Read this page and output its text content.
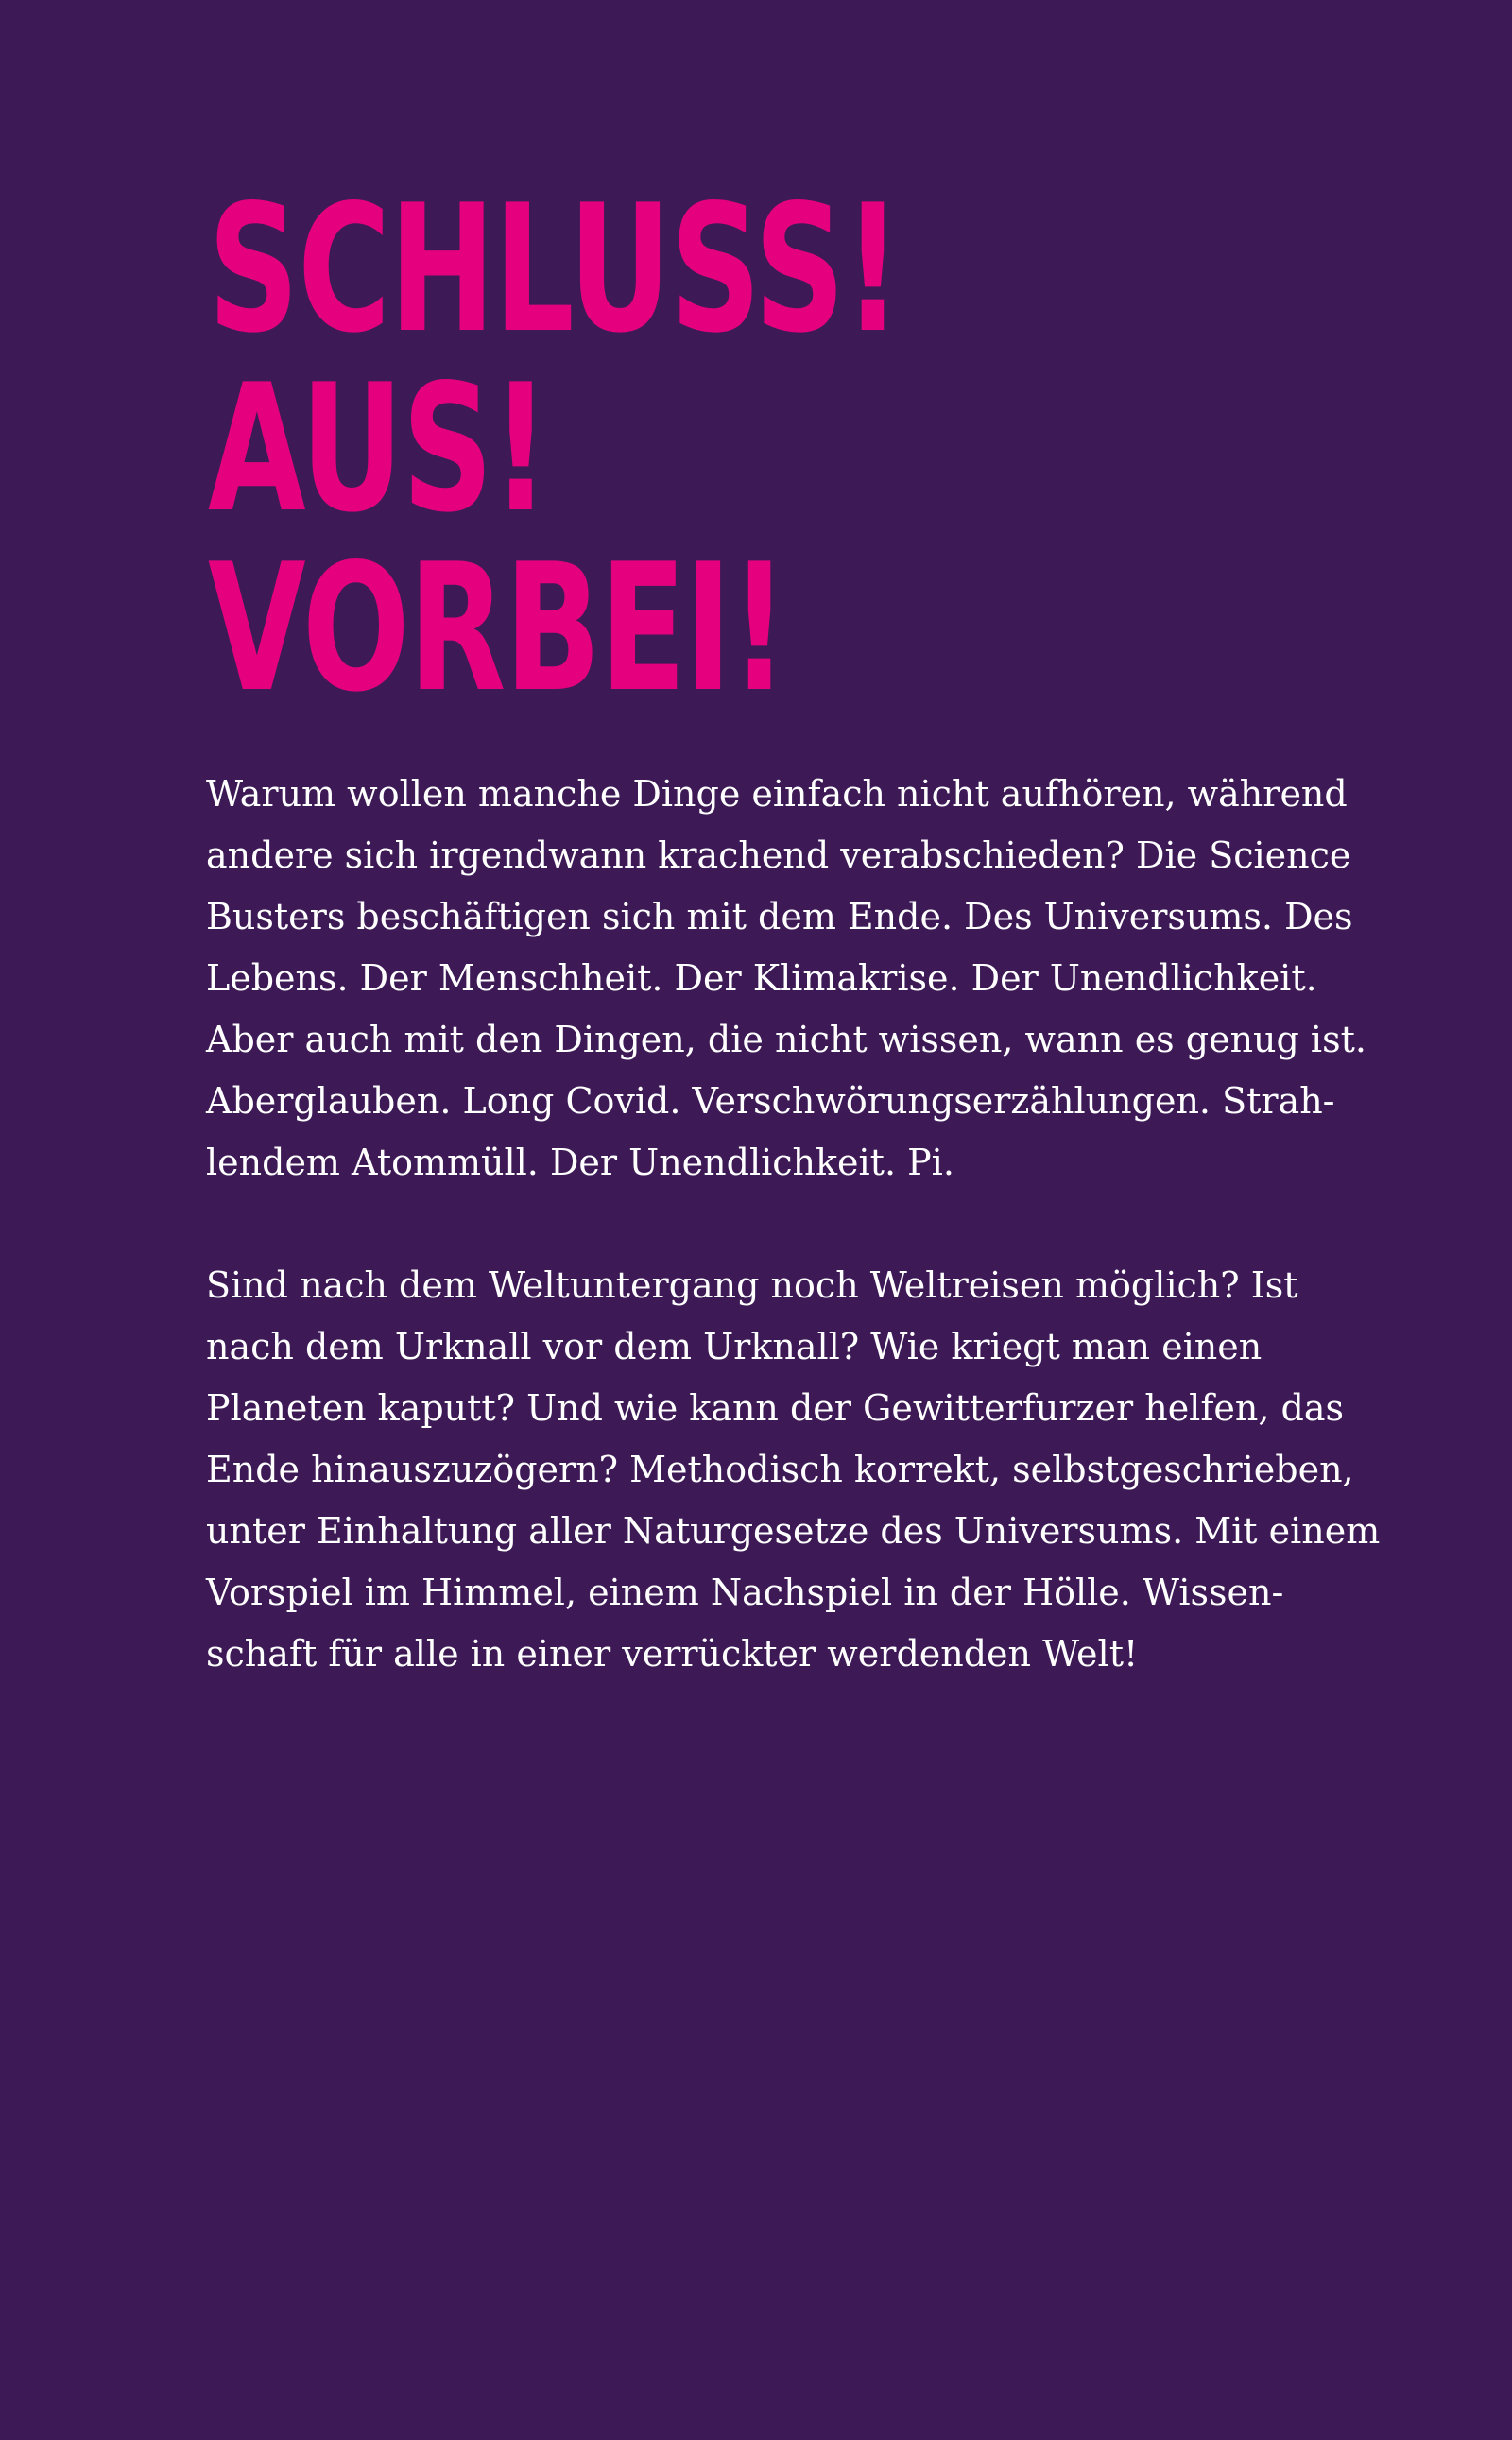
SCHLUSS!
AUS!
VORBEI!

Warum wollen manche Dinge einfach nicht aufhören, während
andere sich irgendwann krachend verabschieden? Die Science
Busters beschäftigen sich mit dem Ende. Des Universums. Des
Lebens. Der Menschheit. Der Klimakrise. Der Unendlichkeit.
Aber auch mit den Dingen, die nicht wissen, wann es genug ist.
Aberglauben. Long Covid. Verschwörungserzählungen. Strah-
lendem Atommüll. Der Unendlichkeit. Pi.

Sind nach dem Weltuntergang noch Weltreisen möglich? Ist
nach dem Urknall vor dem Urknall? Wie kriegt man einen
Planeten kaputt? Und wie kann der Gewitterfurzer helfen, das
Ende hinauszuzögern? Methodisch korrekt, selbstgeschrieben,
unter Einhaltung aller Naturgesetze des Universums. Mit einem
Vorspiel im Himmel, einem Nachspiel in der Hölle. Wissen-
schaft für alle in einer verrückter werdenden Welt!
